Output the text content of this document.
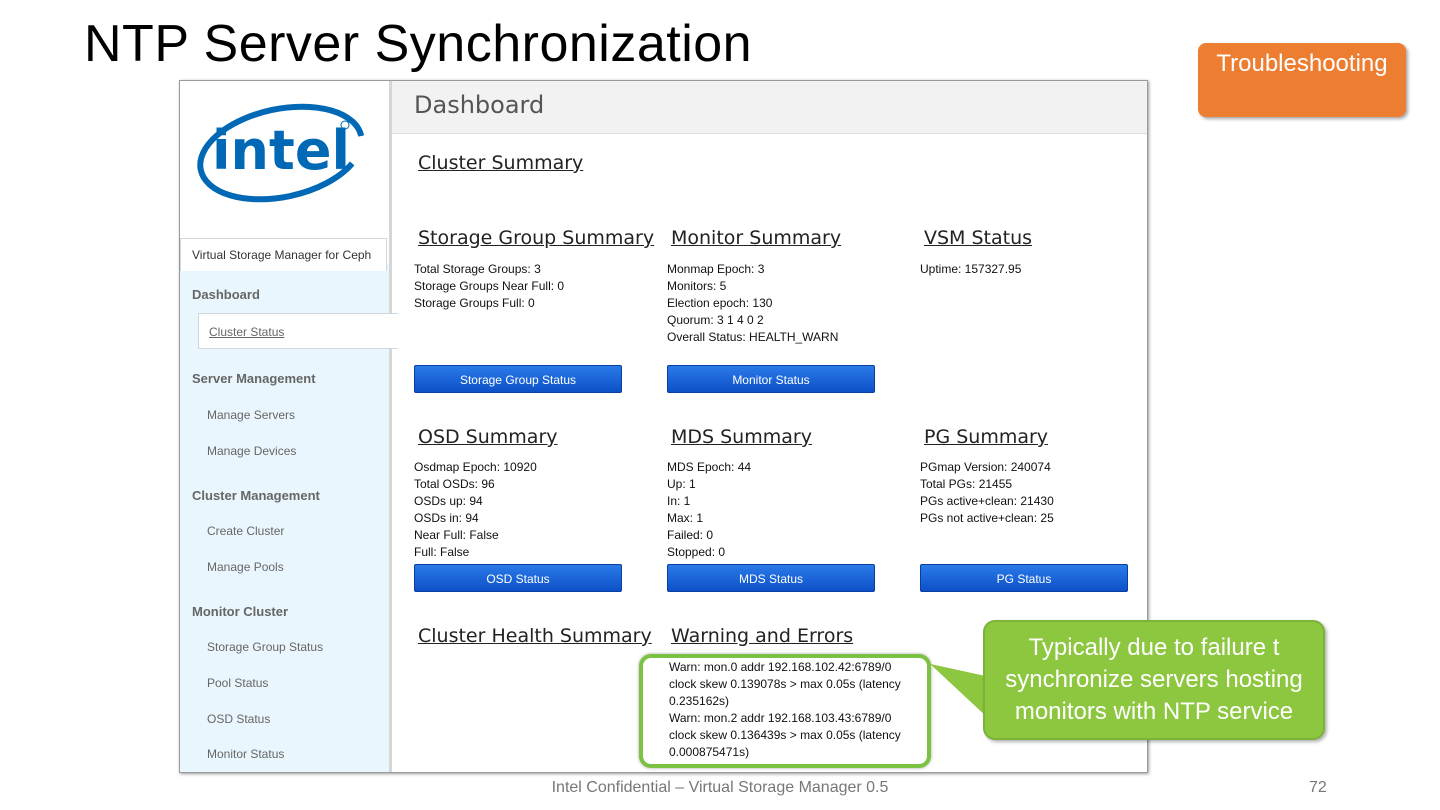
NTP Server Synchronization	Troubleshooting
intel
Virtual Storage Manager for Ceph
Dashboard
Cluster Status
Server Management
Manage Servers
Manage Devices
Cluster Management
Create Cluster
Manage Pools
Monitor Cluster
Storage Group Status
Pool Status
OSD Status
Monitor Status
Dashboard
Cluster Summary
Storage Group Summary
Total Storage Groups: 3
Storage Groups Near Full: 0
Storage Groups Full: 0
Storage Group Status
Monitor Summary
Monmap Epoch: 3
Monitors: 5
Election epoch: 130
Quorum: 3 1 4 0 2
Overall Status: HEALTH_WARN
Monitor Status
VSM Status
Uptime: 157327.95
OSD Summary
Osdmap Epoch: 10920
Total OSDs: 96
OSDs up: 94
OSDs in: 94
Near Full: False
Full: False
OSD Status
MDS Summary
MDS Epoch: 44
Up: 1
In: 1
Max: 1
Failed: 0
Stopped: 0
MDS Status
PG Summary
PGmap Version: 240074
Total PGs: 21455
PGs active+clean: 21430
PGs not active+clean: 25
PG Status
Cluster Health Summary Warning and Errors
Warn: mon.0 addr 192.168.102.42:6789/0
clock skew 0.139078s > max 0.05s (latency
0.235162s)
Warn: mon.2 addr 192.168.103.43:6789/0
clock skew 0.136439s > max 0.05s (latency
0.000875471s)
Typically due to failure t synchronize servers hosting monitors with NTP service
Intel Confidential – Virtual Storage Manager 0.5	72
